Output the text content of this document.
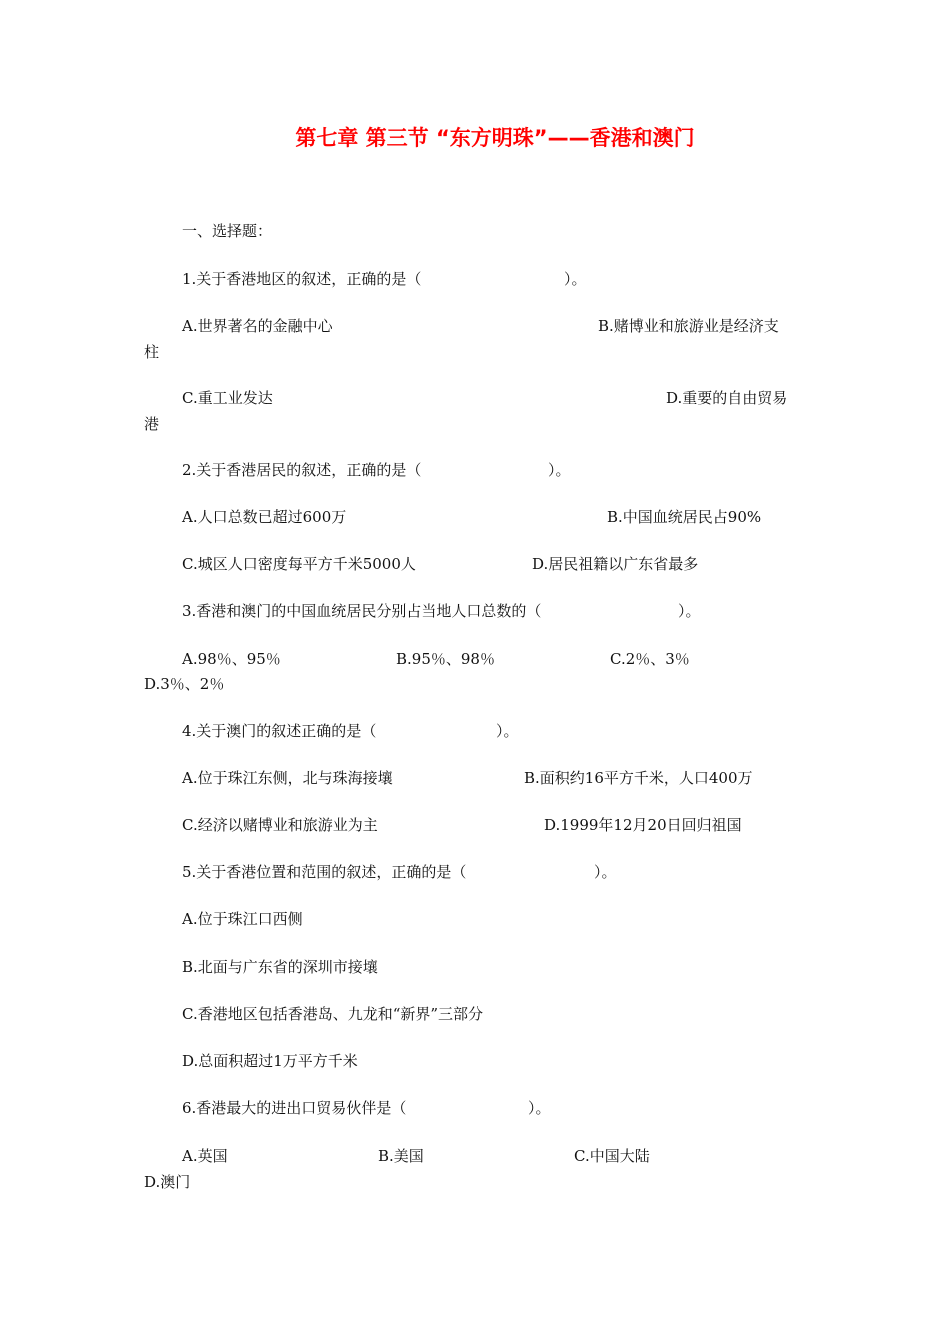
第七章 第三节 “东方明珠”——香港和澳门
一、选择题：
1.关于香港地区的叙述，正确的是（	）。
A.世界著名的金融中心	B.赌博业和旅游业是经济支
柱
C.重工业发达	D.重要的自由贸易
港
2.关于香港居民的叙述，正确的是（	）。
A.人口总数已超过600万	B.中国血统居民占90%
C.城区人口密度每平方千米5000人	D.居民祖籍以广东省最多
3.香港和澳门的中国血统居民分别占当地人口总数的（	）。
A.98％、95％	B.95％、98％	C.2％、3％
D.3％、2％
4.关于澳门的叙述正确的是（	）。
A.位于珠江东侧，北与珠海接壤	B.面积约16平方千米，人口400万
C.经济以赌博业和旅游业为主	D.1999年12月20日回归祖国
5.关于香港位置和范围的叙述，正确的是（	）。
A.位于珠江口西侧
B.北面与广东省的深圳市接壤
C.香港地区包括香港岛、九龙和“新界”三部分
D.总面积超过1万平方千米
6.香港最大的进出口贸易伙伴是（	）。
A.英国	B.美国	C.中国大陆
D.澳门
